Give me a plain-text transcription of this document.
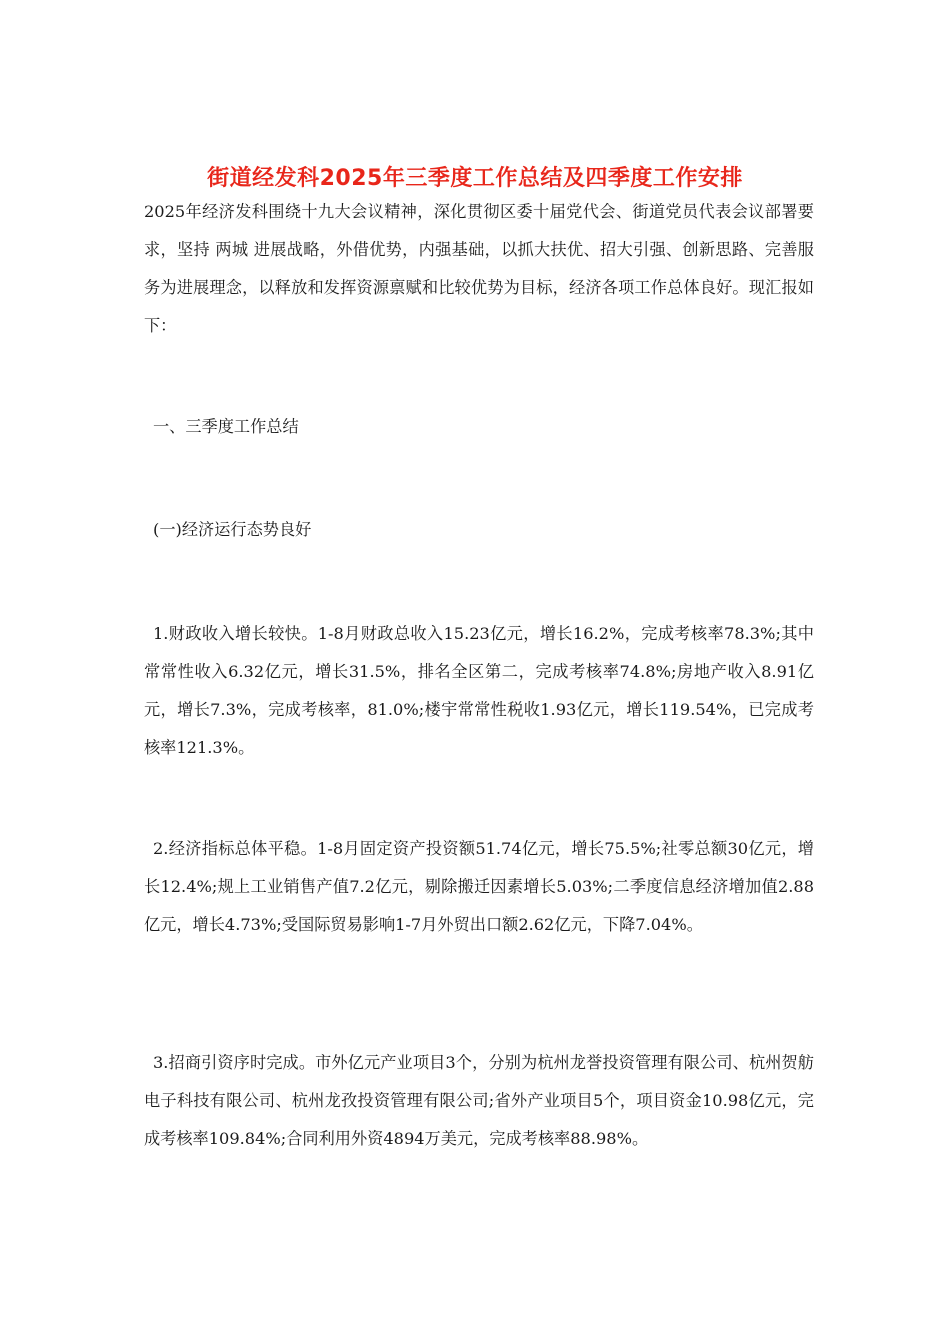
街道经发科2025年三季度工作总结及四季度工作安排

2025年经济发科围绕十九大会议精神，深化贯彻区委十届党代会、街道党员代表会议部署要求，坚持 两城 进展战略，外借优势，内强基础，以抓大扶优、招大引强、创新思路、完善服务为进展理念，以释放和发挥资源禀赋和比较优势为目标，经济各项工作总体良好。现汇报如下：

一、三季度工作总结

(一)经济运行态势良好

1.财政收入增长较快。1-8月财政总收入15.23亿元，增长16.2%，完成考核率78.3%;其中常常性收入6.32亿元，增长31.5%，排名全区第二，完成考核率74.8%;房地产收入8.91亿元，增长7.3%，完成考核率，81.0%;楼宇常常性税收1.93亿元，增长119.54%，已完成考核率121.3%。

2.经济指标总体平稳。1-8月固定资产投资额51.74亿元，增长75.5%;社零总额30亿元，增长12.4%;规上工业销售产值7.2亿元，剔除搬迁因素增长5.03%;二季度信息经济增加值2.88亿元，增长4.73%;受国际贸易影响1-7月外贸出口额2.62亿元，下降7.04%。

3.招商引资序时完成。市外亿元产业项目3个，分别为杭州龙誉投资管理有限公司、杭州贺舫电子科技有限公司、杭州龙孜投资管理有限公司;省外产业项目5个，项目资金10.98亿元，完成考核率109.84%;合同利用外资4894万美元，完成考核率88.98%。
